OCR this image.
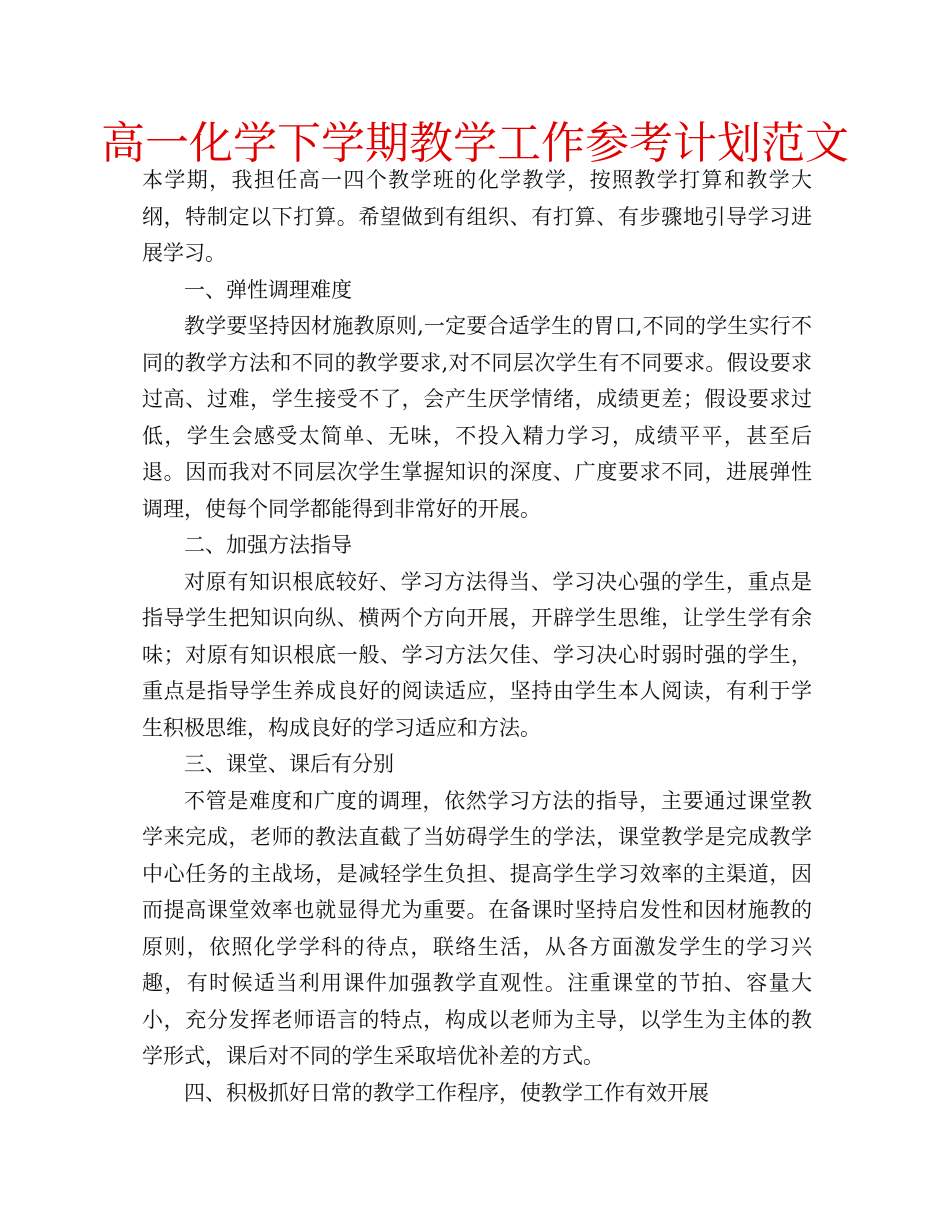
高一化学下学期教学工作参考计划范文

本学期，我担任高一四个教学班的化学教学，按照教学打算和教学大纲，特制定以下打算。希望做到有组织、有打算、有步骤地引导学习进展学习。

一、弹性调理难度

教学要坚持因材施教原则,一定要合适学生的胃口,不同的学生实行不同的教学方法和不同的教学要求,对不同层次学生有不同要求。假设要求过高、过难，学生接受不了，会产生厌学情绪，成绩更差；假设要求过低，学生会感受太简单、无味，不投入精力学习，成绩平平，甚至后退。因而我对不同层次学生掌握知识的深度、广度要求不同，进展弹性调理，使每个同学都能得到非常好的开展。

二、加强方法指导

对原有知识根底较好、学习方法得当、学习决心强的学生，重点是指导学生把知识向纵、横两个方向开展，开辟学生思维，让学生学有余味；对原有知识根底一般、学习方法欠佳、学习决心时弱时强的学生，重点是指导学生养成良好的阅读适应，坚持由学生本人阅读，有利于学生积极思维，构成良好的学习适应和方法。

三、课堂、课后有分别

不管是难度和广度的调理，依然学习方法的指导，主要通过课堂教学来完成，老师的教法直截了当妨碍学生的学法，课堂教学是完成教学中心任务的主战场，是减轻学生负担、提高学生学习效率的主渠道，因而提高课堂效率也就显得尤为重要。在备课时坚持启发性和因材施教的原则，依照化学学科的待点，联络生活，从各方面激发学生的学习兴趣，有时候适当利用课件加强教学直观性。注重课堂的节拍、容量大小，充分发挥老师语言的特点，构成以老师为主导，以学生为主体的教学形式，课后对不同的学生采取培优补差的方式。

四、积极抓好日常的教学工作程序，使教学工作有效开展
